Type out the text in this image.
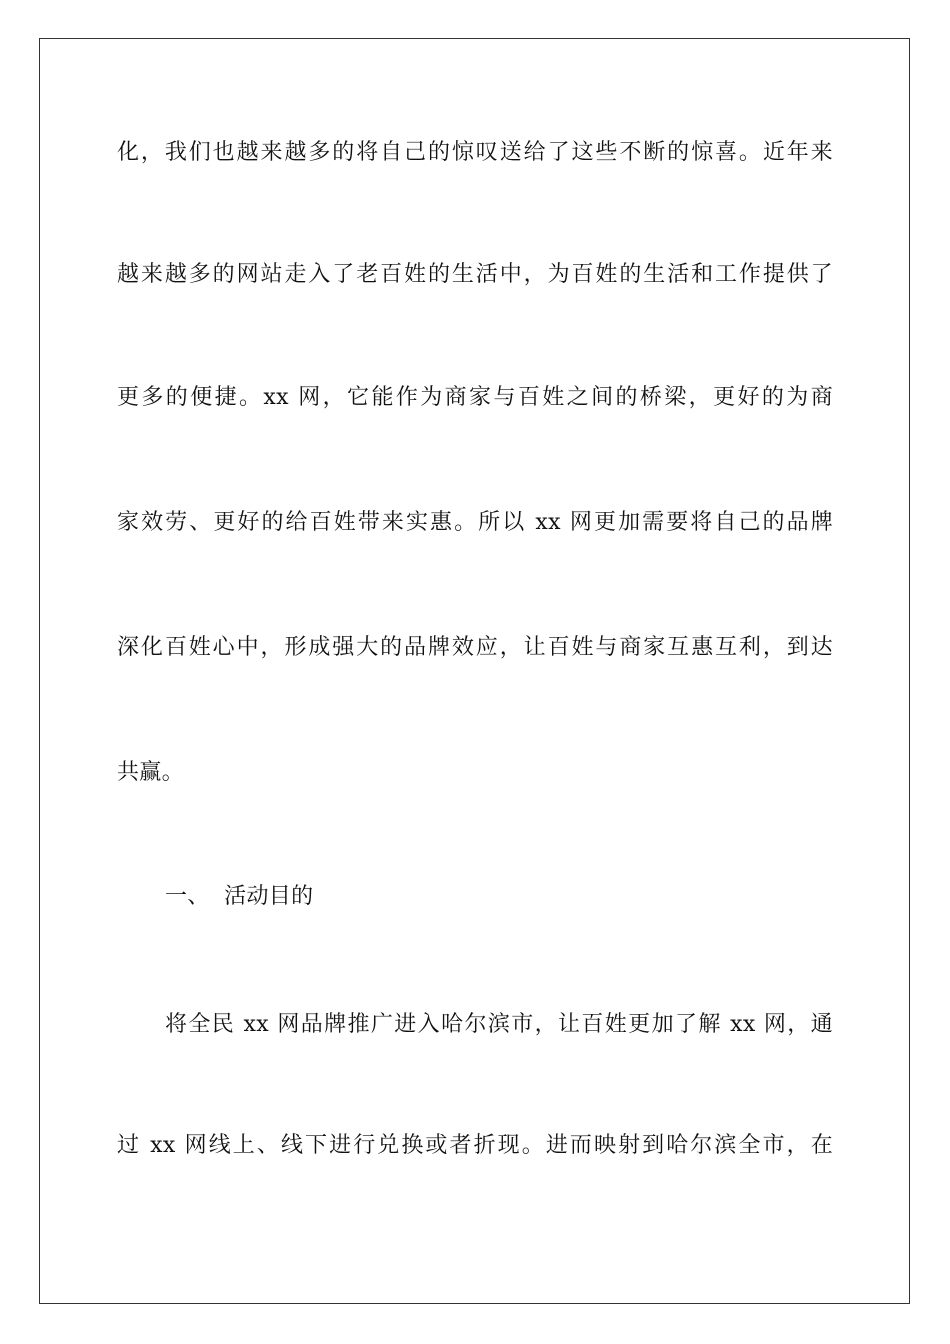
化，我们也越来越多的将自己的惊叹送给了这些不断的惊喜。近年来
越来越多的网站走入了老百姓的生活中，为百姓的生活和工作提供了
更多的便捷。xx 网，它能作为商家与百姓之间的桥梁，更好的为商
家效劳、更好的给百姓带来实惠。所以 xx 网更加需要将自己的品牌
深化百姓心中，形成强大的品牌效应，让百姓与商家互惠互利，到达
共赢。
一、  活动目的
将全民 xx 网品牌推广进入哈尔滨市，让百姓更加了解 xx 网，通
过 xx 网线上、线下进行兑换或者折现。进而映射到哈尔滨全市，在
